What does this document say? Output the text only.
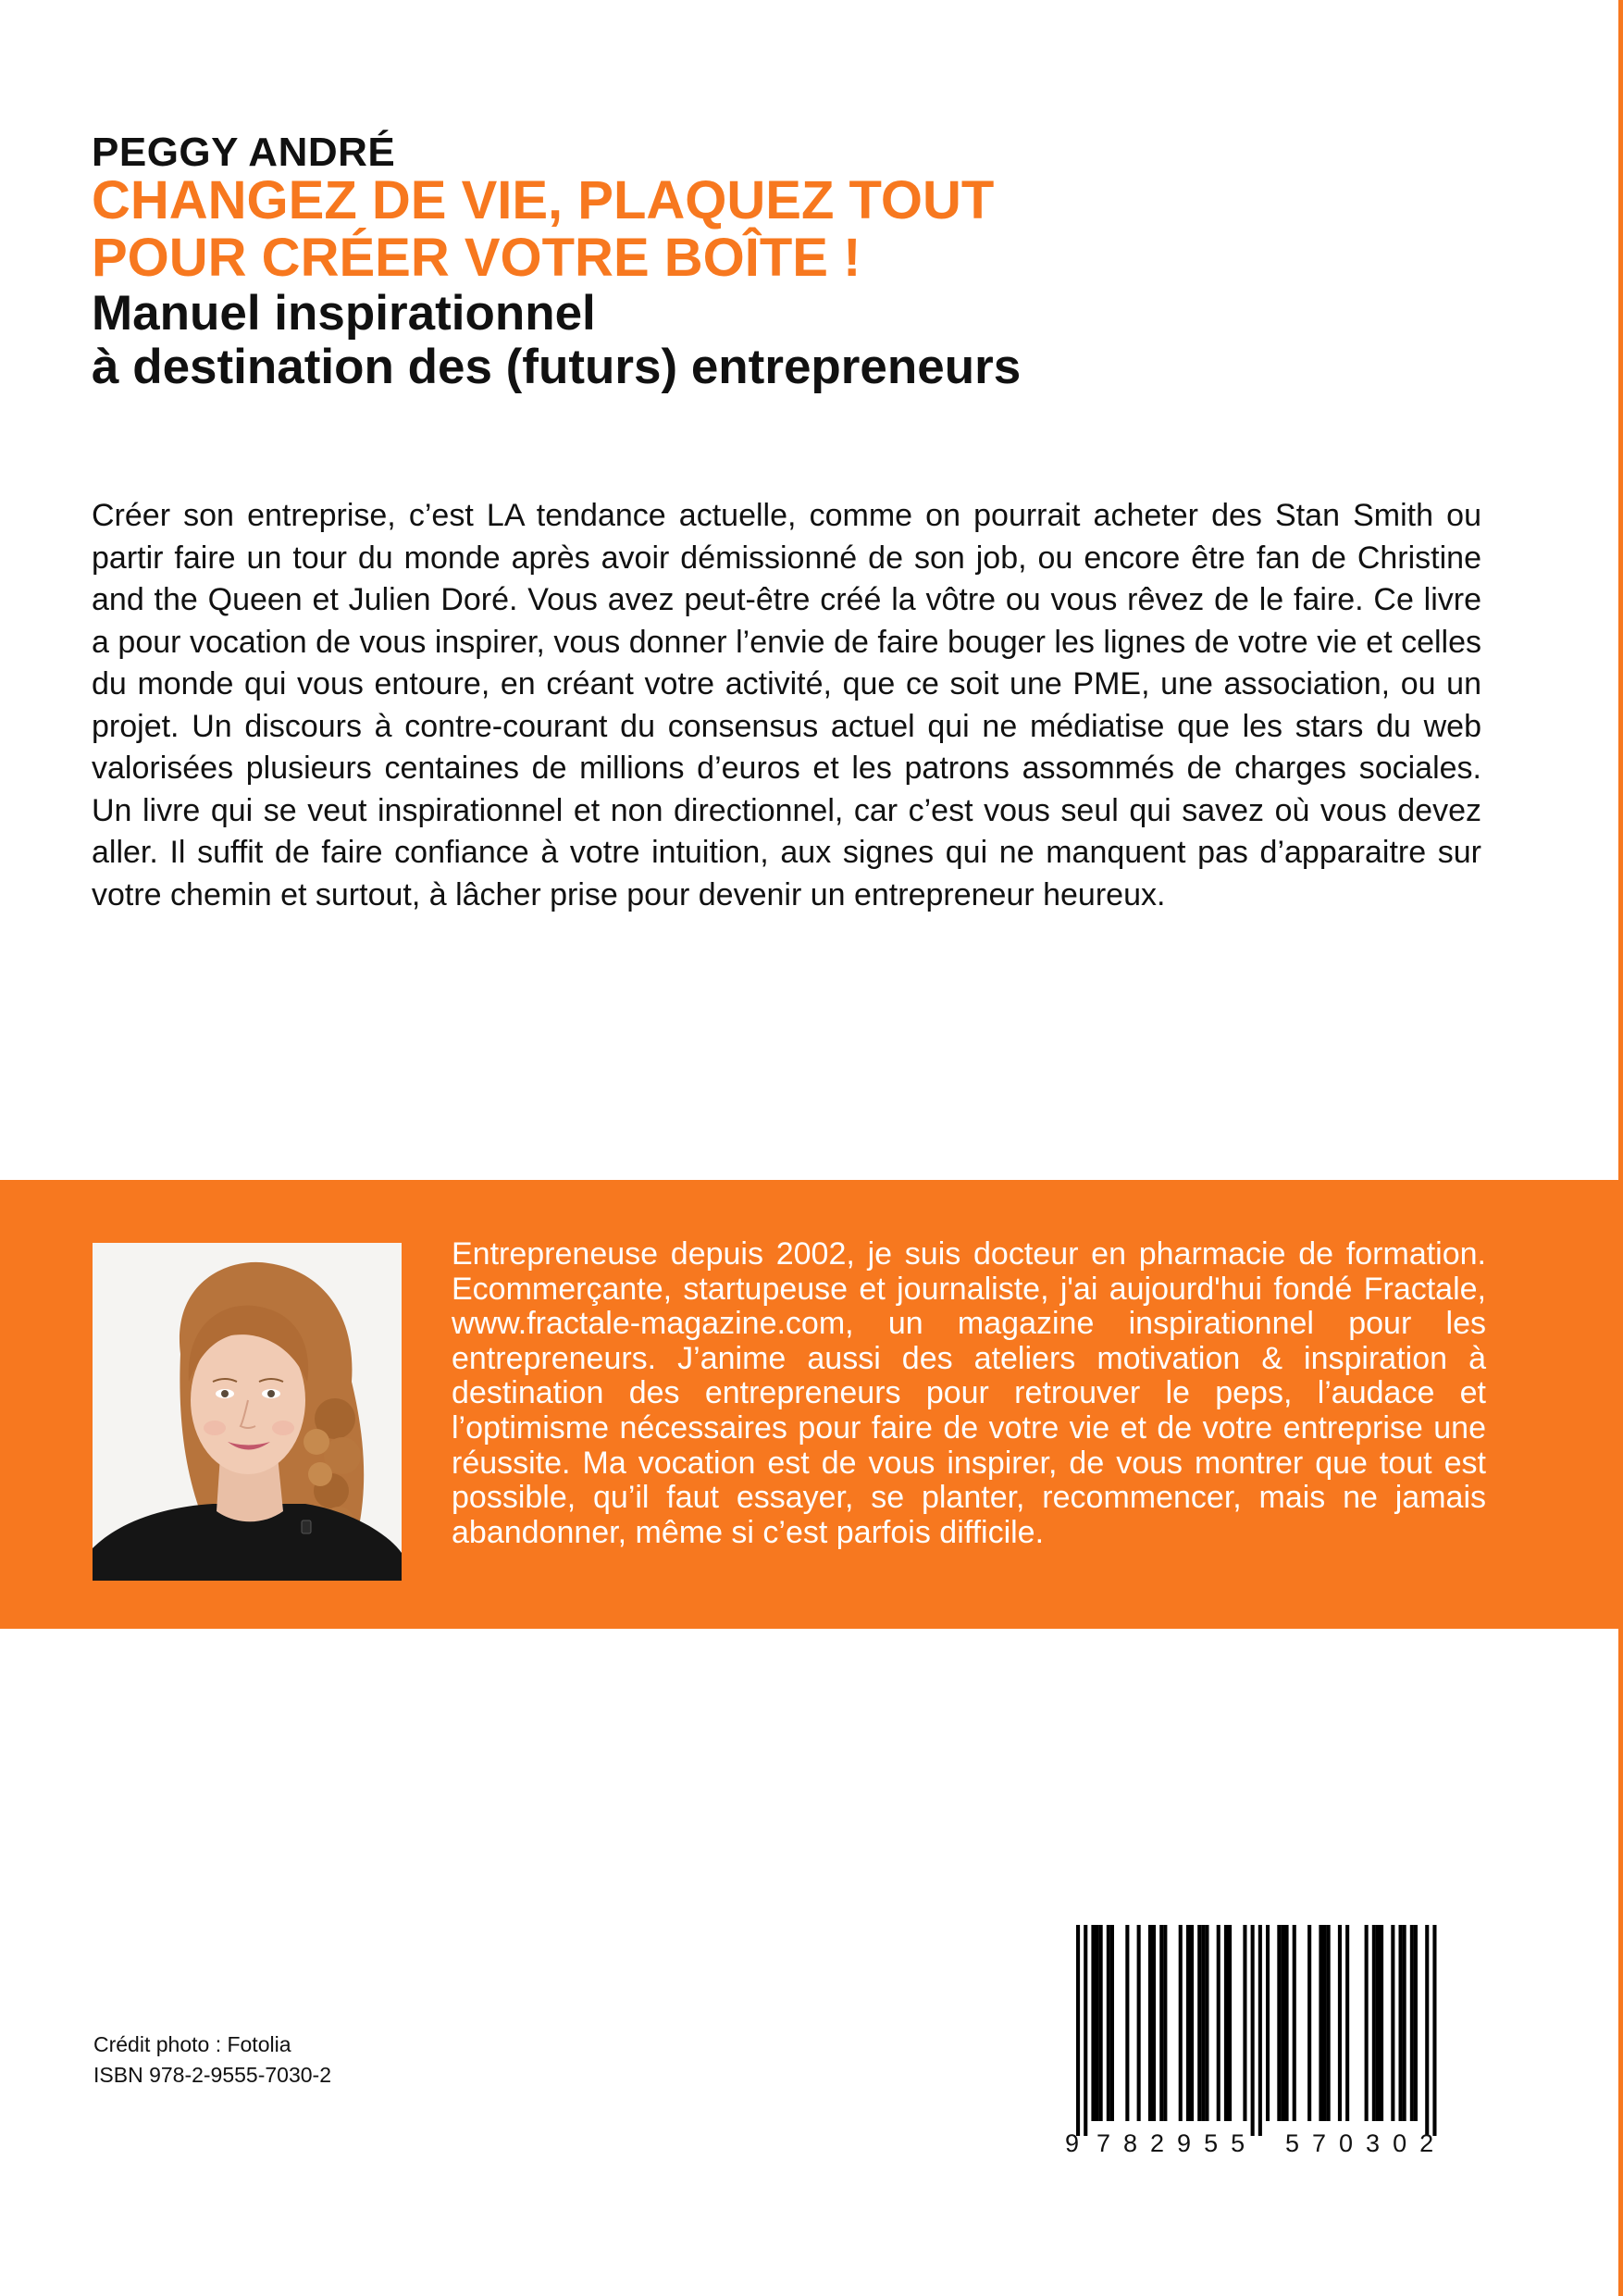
PEGGY ANDRÉ
CHANGEZ DE VIE, PLAQUEZ TOUT
POUR CRÉER VOTRE BOÎTE !
Manuel inspirationnel
à destination des (futurs) entrepreneurs

Créer son entreprise, c’est LA tendance actuelle, comme on pourrait acheter des Stan Smith ou partir faire un tour du monde après avoir démissionné de son job, ou encore être fan de Christine and the Queen et Julien Doré. Vous avez peut-être créé la vôtre ou vous rêvez de le faire. Ce livre a pour vocation de vous inspirer, vous donner l’envie de faire bouger les lignes de votre vie et celles du monde qui vous entoure, en créant votre activité, que ce soit une PME, une association, ou un projet. Un discours à contre-courant du consensus actuel qui ne médiatise que les stars du web valorisées plusieurs centaines de millions d’euros et les patrons assommés de charges sociales. Un livre qui se veut inspirationnel et non directionnel, car c’est vous seul qui savez où vous devez aller. Il suffit de faire confiance à votre intuition, aux signes qui ne manquent pas d’apparaitre sur votre chemin et surtout, à lâcher prise pour devenir un entrepreneur heureux.

Entrepreneuse depuis 2002, je suis docteur en pharmacie de formation. Ecommerçante, startupeuse et journaliste, j'ai aujourd'hui fondé Fractale, www.fractale-magazine.com, un magazine inspirationnel pour les entrepreneurs. J’anime aussi des ateliers motivation & inspiration à destination des entrepreneurs pour retrouver le peps, l’audace et l’optimisme nécessaires pour faire de votre vie et de votre entreprise une réussite. Ma vocation est de vous inspirer, de vous montrer que tout est possible, qu’il faut essayer, se planter, recommencer, mais ne jamais abandonner, même si c’est parfois difficile.

Crédit photo : Fotolia
ISBN 978-2-9555-7030-2
9 782955 570302
